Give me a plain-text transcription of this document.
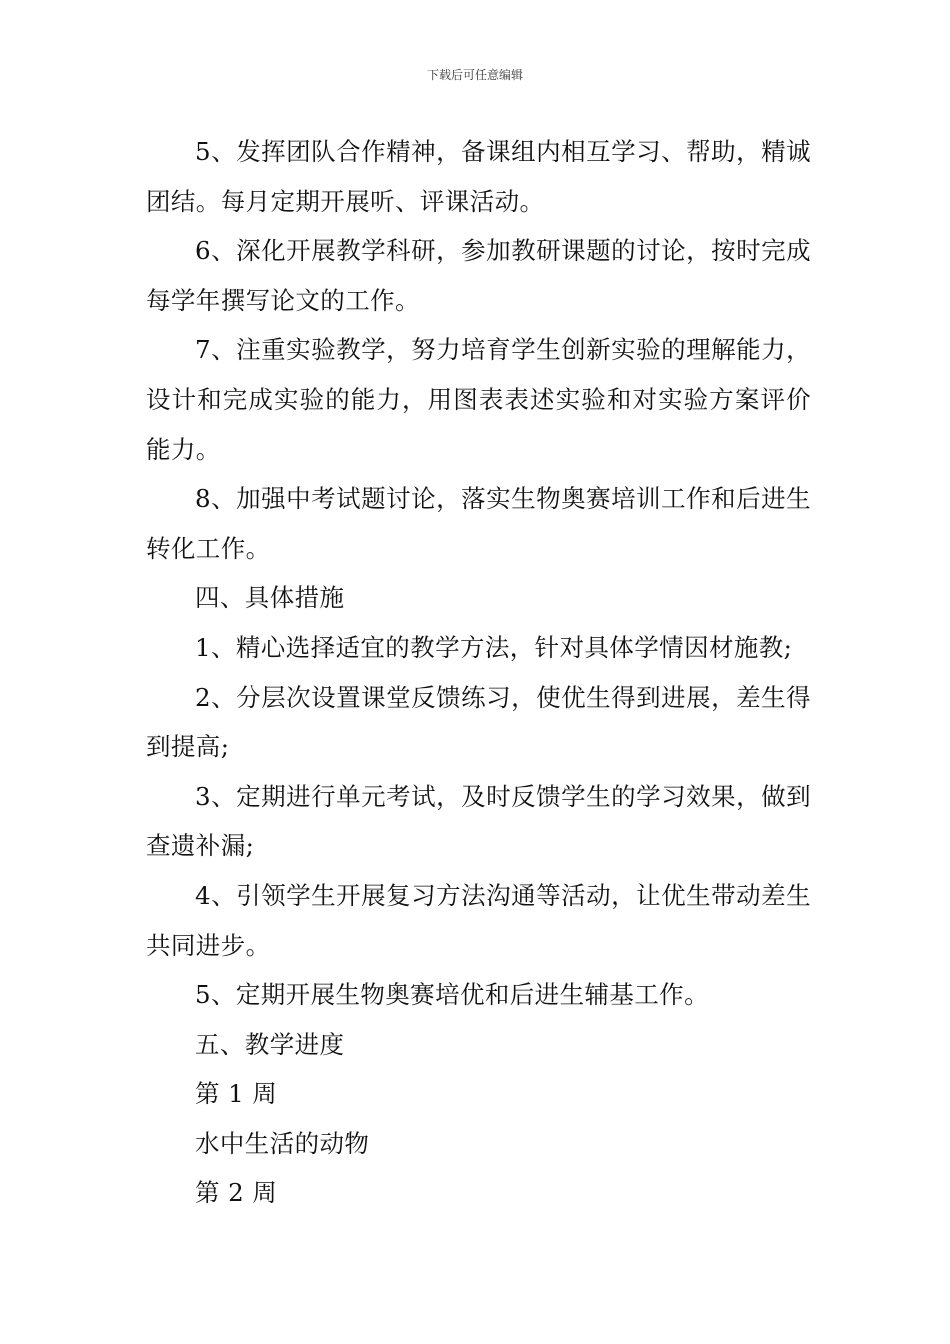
下载后可任意编辑

5、发挥团队合作精神，备课组内相互学习、帮助，精诚团结。每月定期开展听、评课活动。

6、深化开展教学科研，参加教研课题的讨论，按时完成每学年撰写论文的工作。

7、注重实验教学，努力培育学生创新实验的理解能力，设计和完成实验的能力，用图表表述实验和对实验方案评价能力。

8、加强中考试题讨论，落实生物奥赛培训工作和后进生转化工作。

四、具体措施

1、精心选择适宜的教学方法，针对具体学情因材施教;

2、分层次设置课堂反馈练习，使优生得到进展，差生得到提高;

3、定期进行单元考试，及时反馈学生的学习效果，做到查遗补漏;

4、引领学生开展复习方法沟通等活动，让优生带动差生共同进步。

5、定期开展生物奥赛培优和后进生辅基工作。

五、教学进度

第 1 周

水中生活的动物

第 2 周
